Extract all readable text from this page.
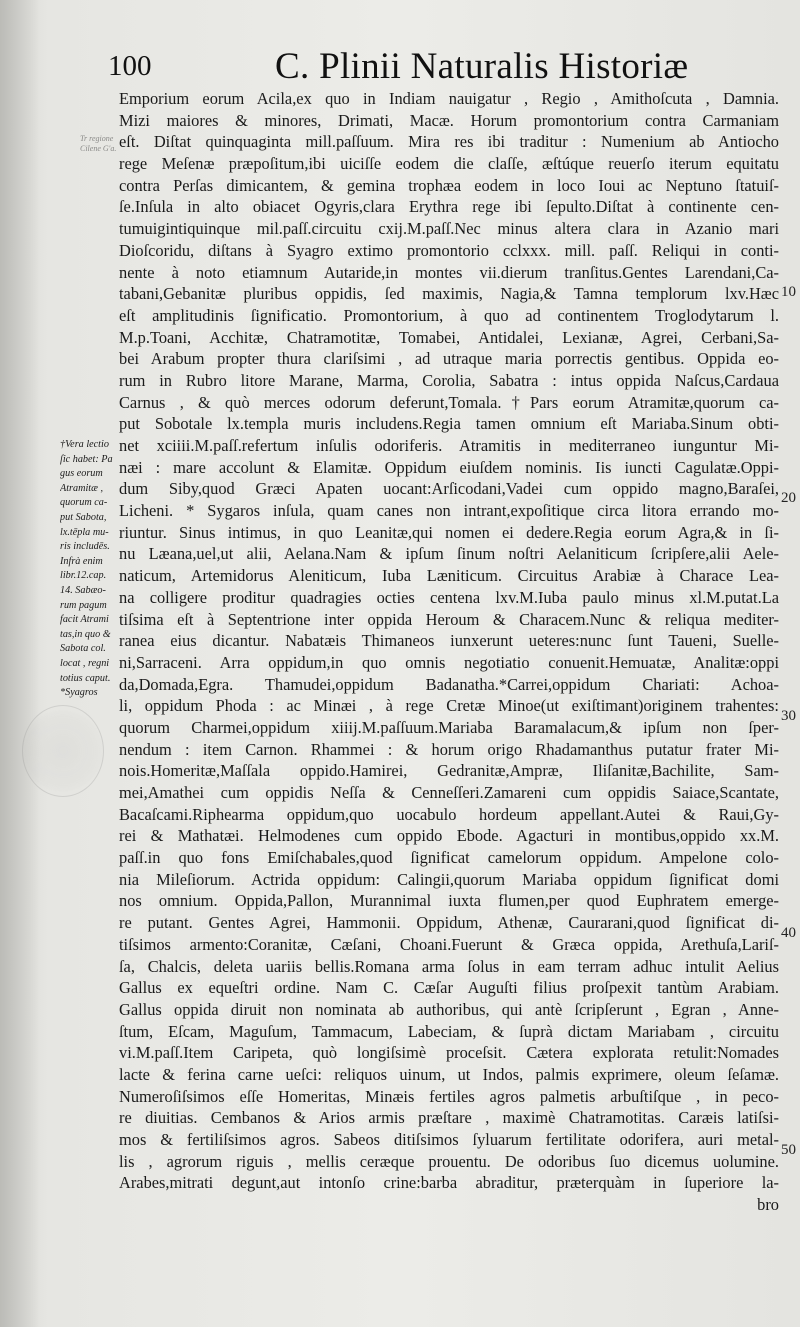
100	C. Plinii Naturalis Historiæ
Tr regione
Cilene G'a.
†Vera lectio
ſic habet: Pa
gus eorum
Atramitæ ,
quorum ca-
put Sabota,
lx.tēpla mu-
ris includēs.
Infrà enim
libr.12.cap.
14. Sabæo-
rum pagum
facit Atrami
tas,in quo &
Sabota col.
locat , regni
totius caput.
*Syagros
Emporium eorum Acila,ex quo in Indiam nauigatur , Regio , Amithoſcuta , Damnia.
Mizi maiores & minores, Drimati, Macæ. Horum promontorium contra Carmaniam
eſt. Diſtat quinquaginta mill.paſſuum. Mira res ibi traditur : Numenium ab Antiocho
rege Meſenæ præpoſitum,ibi uiciſſe eodem die claſſe, æſtúque reuerſo iterum equitatu
contra Perſas dimicantem, & gemina trophæa eodem in loco Ioui ac Neptuno ſtatuiſ-
ſe.Inſula in alto obiacet Ogyris,clara Erythra rege ibi ſepulto.Diſtat à continente cen-
tumuigintiquinque mil.paſſ.circuitu cxij.M.paſſ.Nec minus altera clara in Azanio mari
Dioſcoridu, diſtans à Syagro extimo promontorio cclxxx. mill. paſſ. Reliqui in conti-
nente à noto etiamnum Autaride,in montes vii.dierum tranſitus.Gentes Larendani,Ca-
tabani,Gebanitæ pluribus oppidis, ſed maximis, Nagia,& Tamna templorum lxv.Hæc
eſt amplitudinis ſignificatio. Promontorium, à quo ad continentem Troglodytarum l.
M.p.Toani, Acchitæ, Chatramotitæ, Tomabei, Antidalei, Lexianæ, Agrei, Cerbani,Sa-
bei Arabum propter thura clariſsimi , ad utraque maria porrectis gentibus. Oppida eo-
rum in Rubro litore Marane, Marma, Corolia, Sabatra : intus oppida Naſcus,Cardaua
Carnus , & quò merces odorum deferunt,Tomala.†Pars eorum Atramitæ,quorum ca-
put Sobotale lx.templa muris includens.Regia tamen omnium eſt Mariaba.Sinum obti-
net xciiii.M.paſſ.refertum inſulis odoriferis. Atramitis in mediterraneo iunguntur Mi-
næi : mare accolunt & Elamitæ. Oppidum eiuſdem nominis. Iis iuncti Cagulatæ.Oppi-
dum Siby,quod Græci Apaten uocant:Arſicodani,Vadei cum oppido magno,Baraſei,
Licheni. * Sygaros inſula, quam canes non intrant,expoſitique circa litora errando mo-
riuntur. Sinus intimus, in quo Leanitæ,qui nomen ei dedere.Regia eorum Agra,& in ſi-
nu Læana,uel,ut alii, Aelana.Nam & ipſum ſinum noſtri Aelaniticum ſcripſere,alii Aele-
naticum, Artemidorus Aleniticum, Iuba Læniticum. Circuitus Arabiæ à Charace Lea-
na colligere proditur quadragies octies centena lxv.M.Iuba paulo minus xl.M.putat.La
tiſsima eſt à Septentrione inter oppida Heroum & Characem.Nunc & reliqua mediter-
ranea eius dicantur. Nabatæis Thimaneos iunxerunt ueteres:nunc ſunt Taueni, Suelle-
ni,Sarraceni. Arra oppidum,in quo omnis negotiatio conuenit.Hemuatæ, Analitæ:oppi
da,Domada,Egra. Thamudei,oppidum Badanatha.*Carrei,oppidum Chariati: Achoa-
li, oppidum Phoda : ac Minæi , à rege Cretæ Minoe(ut exiſtimant)originem trahentes:
quorum Charmei,oppidum xiiij.M.paſſuum.Mariaba Baramalacum,& ipſum non ſper-
nendum : item Carnon. Rhammei : & horum origo Rhadamanthus putatur frater Mi-
nois.Homeritæ,Maſſala oppido.Hamirei, Gedranitæ,Ampræ, Iliſanitæ,Bachilite, Sam-
mei,Amathei cum oppidis Neſſa & Cenneſſeri.Zamareni cum oppidis Saiace,Scantate,
Bacaſcami.Riphearma oppidum,quo uocabulo hordeum appellant.Autei & Raui,Gy-
rei & Mathatæi. Helmodenes cum oppido Ebode. Agacturi in montibus,oppido xx.M.
paſſ.in quo fons Emiſchabales,quod ſignificat camelorum oppidum. Ampelone colo-
nia Mileſiorum. Actrida oppidum: Calingii,quorum Mariaba oppidum ſignificat domi
nos omnium. Oppida,Pallon, Murannimal iuxta flumen,per quod Euphratem emerge-
re putant. Gentes Agrei, Hammonii. Oppidum, Athenæ, Caurarani,quod ſignificat di-
tiſsimos armento:Coranitæ, Cæſani, Choani.Fuerunt & Græca oppida, Arethuſa,Lariſ-
ſa, Chalcis, deleta uariis bellis.Romana arma ſolus in eam terram adhuc intulit Aelius
Gallus ex equeſtri ordine. Nam C. Cæſar Auguſti filius proſpexit tantùm Arabiam.
Gallus oppida diruit non nominata ab authoribus, qui antè ſcripſerunt , Egran , Anne-
ſtum, Eſcam, Maguſum, Tammacum, Labeciam, & ſuprà dictam Mariabam , circuitu
vi.M.paſſ.Item Caripeta, quò longiſsimè proceſsit. Cætera explorata retulit:Nomades
lacte & ferina carne ueſci: reliquos uinum, ut Indos, palmis exprimere, oleum ſeſamæ.
Numeroſiſsimos eſſe Homeritas, Minæis fertiles agros palmetis arbuſtiſque , in peco-
re diuitias. Cembanos & Arios armis præſtare , maximè Chatramotitas. Caræis latiſsi-
mos & fertiliſsimos agros. Sabeos ditiſsimos ſyluarum fertilitate odorifera, auri metal-
lis , agrorum riguis , mellis ceræque prouentu. De odoribus ſuo dicemus uolumine.
Arabes,mitrati degunt,aut intonſo crine:barba abraditur, præterquàm in ſuperiore la-
bro
10
20
30
40
50
